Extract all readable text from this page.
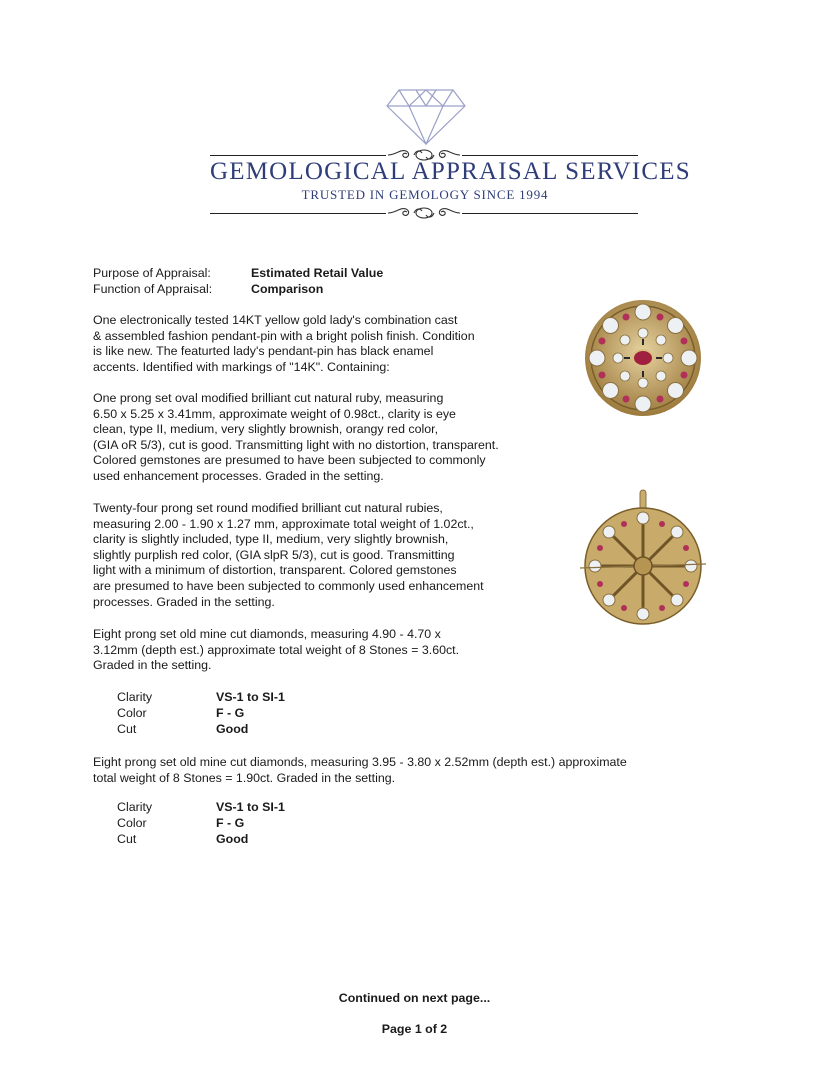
GEMOLOGICAL APPRAISAL SERVICES
TRUSTED IN GEMOLOGY SINCE 1994
Purpose of Appraisal:	Estimated Retail Value
Function of Appraisal:	Comparison
One electronically tested 14KT yellow gold lady's combination cast
& assembled fashion pendant-pin with a bright polish finish. Condition
is like new. The featurted lady's pendant-pin has black enamel
accents. Identified with markings of "14K". Containing:
One prong set oval modified brilliant cut natural ruby, measuring
6.50 x 5.25 x 3.41mm, approximate weight of 0.98ct., clarity is eye
clean, type II, medium, very slightly brownish, orangy red color,
(GIA oR 5/3), cut is good. Transmitting light with no distortion, transparent.
Colored gemstones are presumed to have been subjected to commonly
used enhancement processes. Graded in the setting.
Twenty-four prong set round modified brilliant cut natural rubies,
measuring 2.00 - 1.90 x 1.27 mm, approximate total weight of 1.02ct.,
clarity is slightly included, type II, medium, very slightly brownish,
slightly purplish red color, (GIA slpR 5/3), cut is good. Transmitting
light with a minimum of distortion, transparent. Colored gemstones
are presumed to have been subjected to commonly used enhancement
processes. Graded in the setting.
Eight prong set old mine cut diamonds, measuring 4.90 - 4.70 x
3.12mm (depth est.) approximate total weight of 8 Stones = 3.60ct.
Graded in the setting.
Clarity	VS-1 to SI-1
Color	F - G
Cut	Good
Eight prong set old mine cut diamonds, measuring 3.95 - 3.80 x 2.52mm (depth est.) approximate
total weight of 8 Stones = 1.90ct. Graded in the setting.
Clarity	VS-1 to SI-1
Color	F - G
Cut	Good
Continued on next page...
Page 1 of 2
